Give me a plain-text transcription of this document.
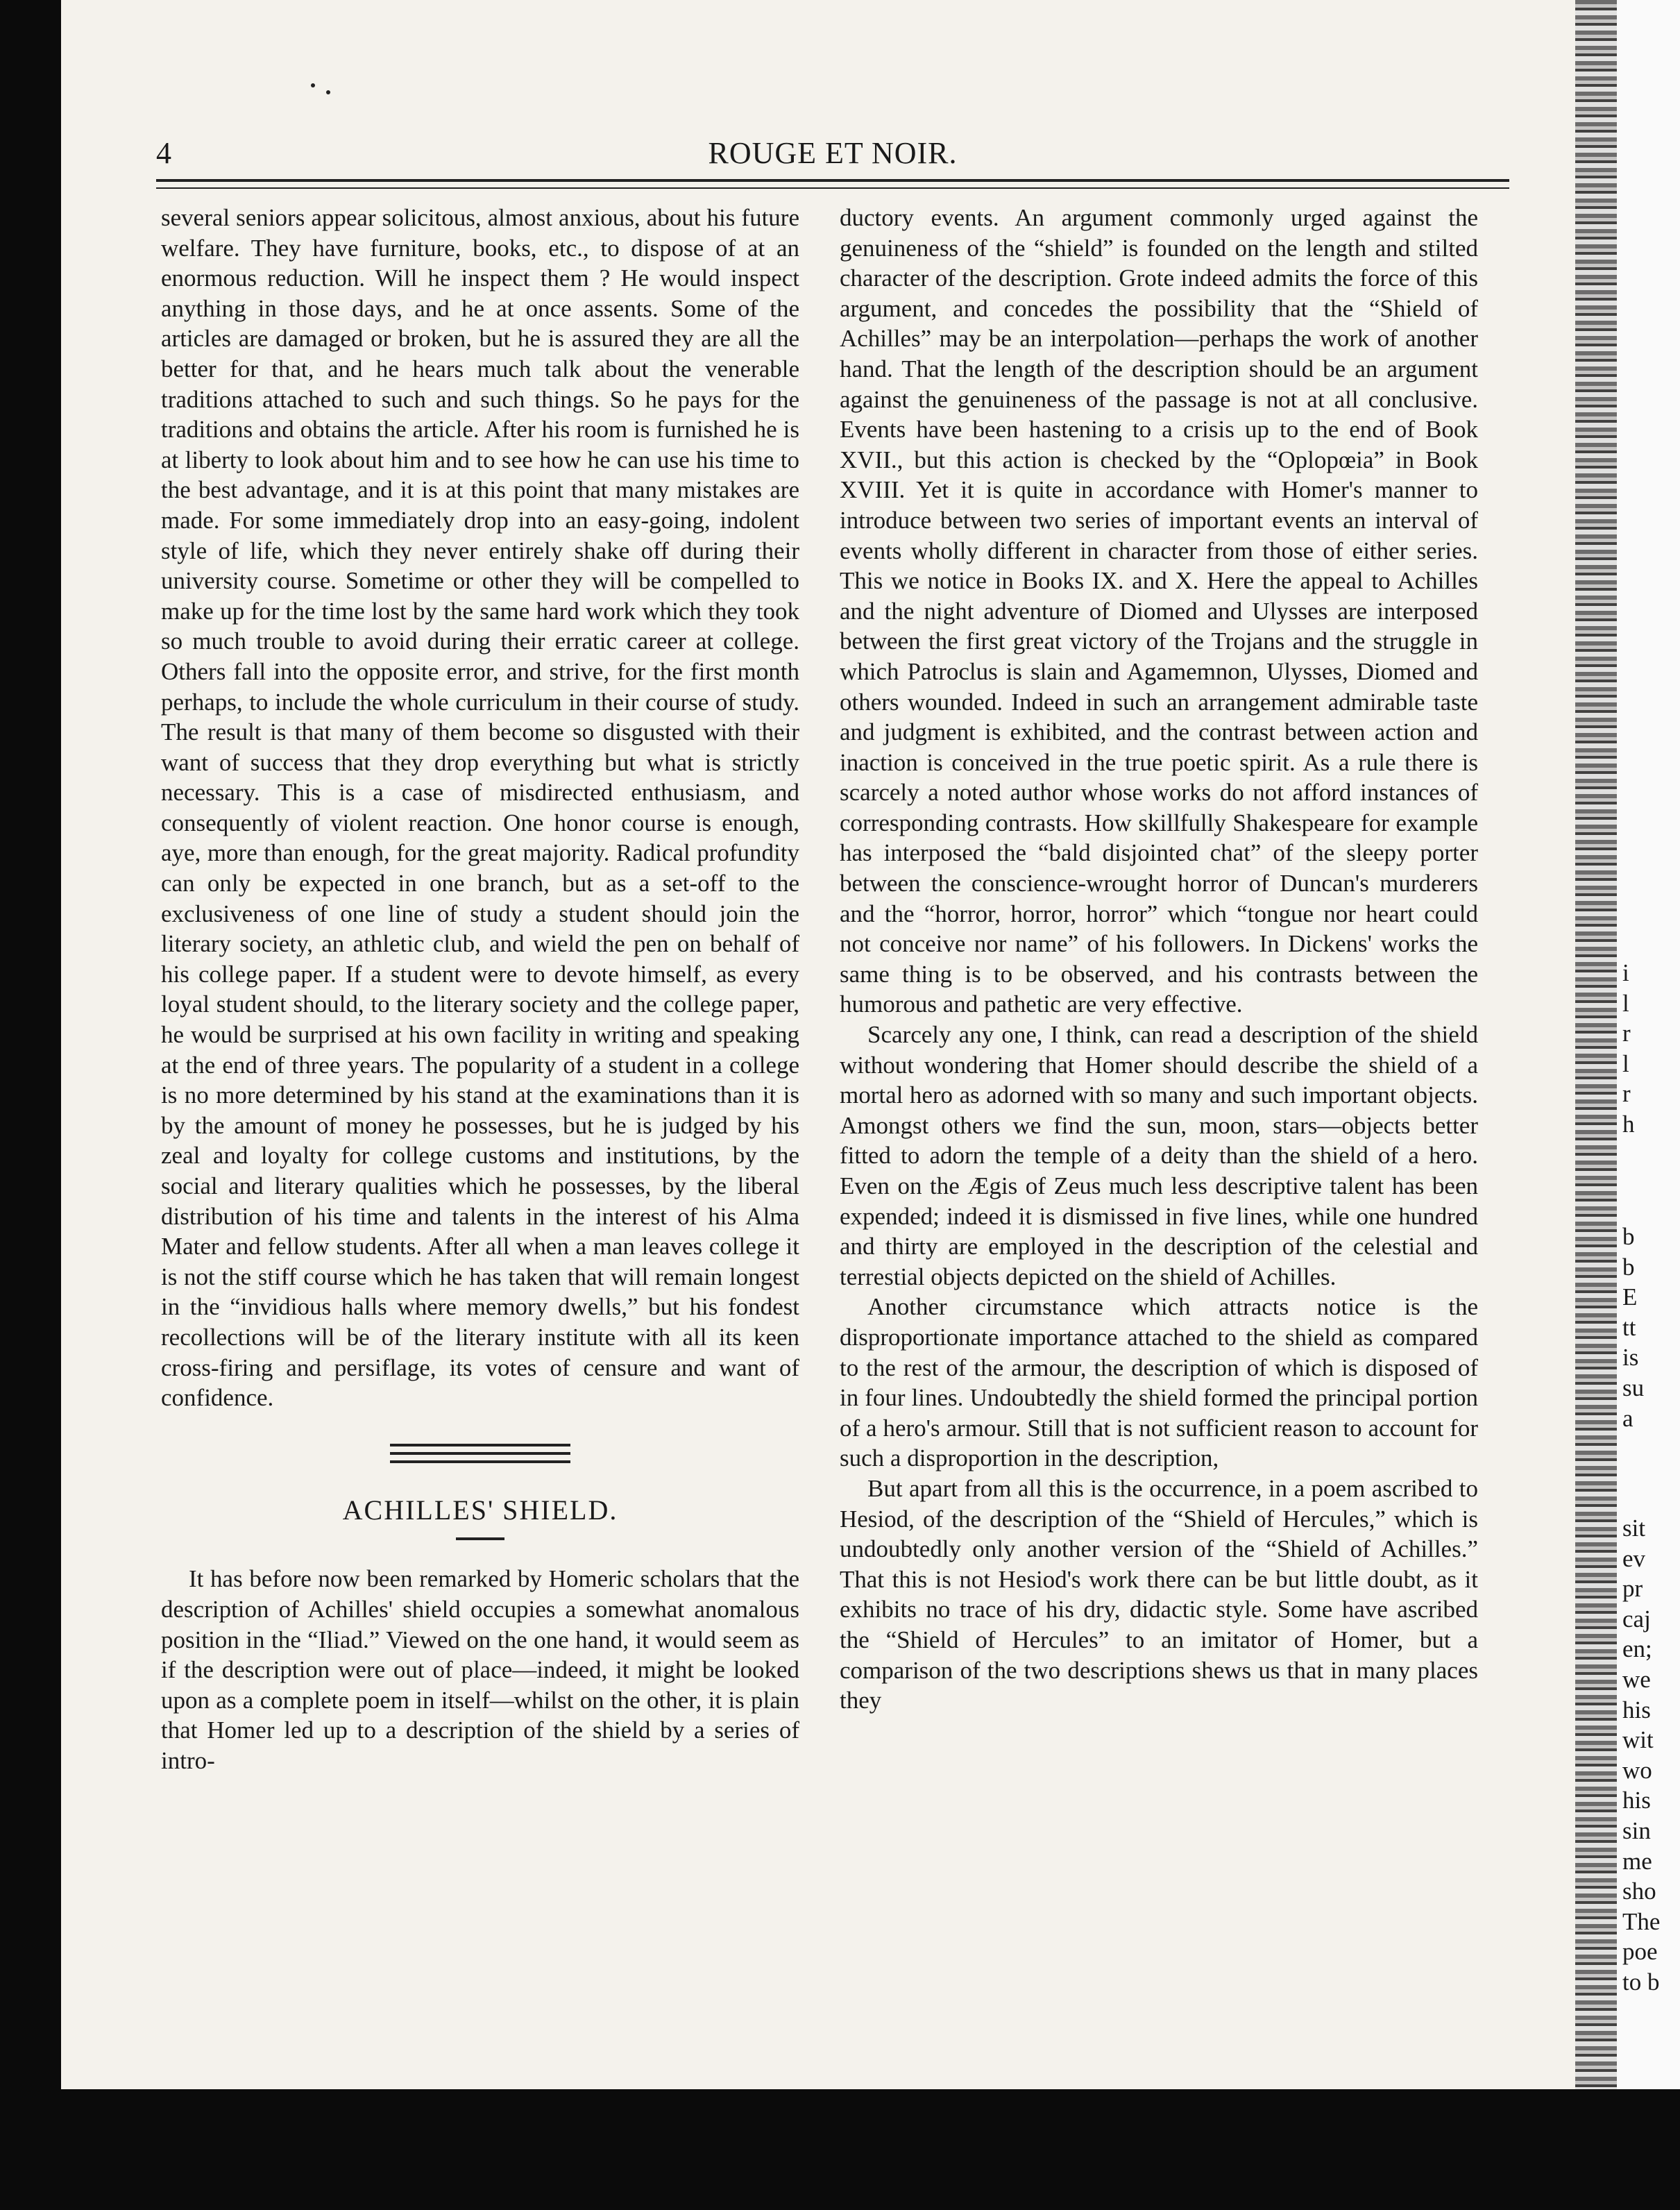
4	ROUGE ET NOIR.

several seniors appear solicitous, almost anxious, about his future welfare. They have furniture, books, etc., to dispose of at an enormous reduction. Will he inspect them ? He would inspect anything in those days, and he at once assents. Some of the articles are damaged or broken, but he is assured they are all the better for that, and he hears much talk about the venerable traditions attached to such and such things. So he pays for the traditions and obtains the article. After his room is furnished he is at liberty to look about him and to see how he can use his time to the best advantage, and it is at this point that many mistakes are made. For some immediately drop into an easy-going, indolent style of life, which they never entirely shake off during their university course. Sometime or other they will be compelled to make up for the time lost by the same hard work which they took so much trouble to avoid during their erratic career at college. Others fall into the opposite error, and strive, for the first month perhaps, to include the whole curriculum in their course of study. The result is that many of them become so disgusted with their want of success that they drop everything but what is strictly necessary. This is a case of misdirected enthusiasm, and consequently of violent reaction. One honor course is enough, aye, more than enough, for the great majority. Radical profundity can only be expected in one branch, but as a set-off to the exclusiveness of one line of study a student should join the literary society, an athletic club, and wield the pen on behalf of his college paper. If a student were to devote himself, as every loyal student should, to the literary society and the college paper, he would be surprised at his own facility in writing and speaking at the end of three years. The popularity of a student in a college is no more determined by his stand at the examinations than it is by the amount of money he possesses, but he is judged by his zeal and loyalty for college customs and institutions, by the social and literary qualities which he possesses, by the liberal distribution of his time and talents in the interest of his Alma Mater and fellow students. After all when a man leaves college it is not the stiff course which he has taken that will remain longest in the “invidious halls where memory dwells,” but his fondest recollections will be of the literary institute with all its keen cross-firing and persiflage, its votes of censure and want of confidence.

ACHILLES' SHIELD.

It has before now been remarked by Homeric scholars that the description of Achilles' shield occupies a somewhat anomalous position in the “Iliad.” Viewed on the one hand, it would seem as if the description were out of place—indeed, it might be looked upon as a complete poem in itself—whilst on the other, it is plain that Homer led up to a description of the shield by a series of intro-

ductory events. An argument commonly urged against the genuineness of the “shield” is founded on the length and stilted character of the description. Grote indeed admits the force of this argument, and concedes the possibility that the “Shield of Achilles” may be an interpolation—perhaps the work of another hand. That the length of the description should be an argument against the genuineness of the passage is not at all conclusive. Events have been hastening to a crisis up to the end of Book XVII., but this action is checked by the “Oplopœia” in Book XVIII. Yet it is quite in accordance with Homer's manner to introduce between two series of important events an interval of events wholly different in character from those of either series. This we notice in Books IX. and X. Here the appeal to Achilles and the night adventure of Diomed and Ulysses are interposed between the first great victory of the Trojans and the struggle in which Patroclus is slain and Agamemnon, Ulysses, Diomed and others wounded. Indeed in such an arrangement admirable taste and judgment is exhibited, and the contrast between action and inaction is conceived in the true poetic spirit. As a rule there is scarcely a noted author whose works do not afford instances of corresponding contrasts. How skillfully Shakespeare for example has interposed the “bald disjointed chat” of the sleepy porter between the conscience-wrought horror of Duncan's murderers and the “horror, horror, horror” which “tongue nor heart could not conceive nor name” of his followers. In Dickens' works the same thing is to be observed, and his contrasts between the humorous and pathetic are very effective.

Scarcely any one, I think, can read a description of the shield without wondering that Homer should describe the shield of a mortal hero as adorned with so many and such important objects. Amongst others we find the sun, moon, stars—objects better fitted to adorn the temple of a deity than the shield of a hero. Even on the Ægis of Zeus much less descriptive talent has been expended; indeed it is dismissed in five lines, while one hundred and thirty are employed in the description of the celestial and terrestial objects depicted on the shield of Achilles.

Another circumstance which attracts notice is the disproportionate importance attached to the shield as compared to the rest of the armour, the description of which is disposed of in four lines. Undoubtedly the shield formed the principal portion of a hero's armour. Still that is not sufficient reason to account for such a disproportion in the description,

But apart from all this is the occurrence, in a poem ascribed to Hesiod, of the description of the “Shield of Hercules,” which is undoubtedly only another version of the “Shield of Achilles.” That this is not Hesiod's work there can be but little doubt, as it exhibits no trace of his dry, didactic style. Some have ascribed the “Shield of Hercules” to an imitator of Homer, but a comparison of the two descriptions shews us that in many places they

i
l
r
l
r
h
b
b
E
tt
is
su
a
sit
ev
pr
caj
en;
we
his
wit
wo
his
sin
me
sho
The
poe
to b
